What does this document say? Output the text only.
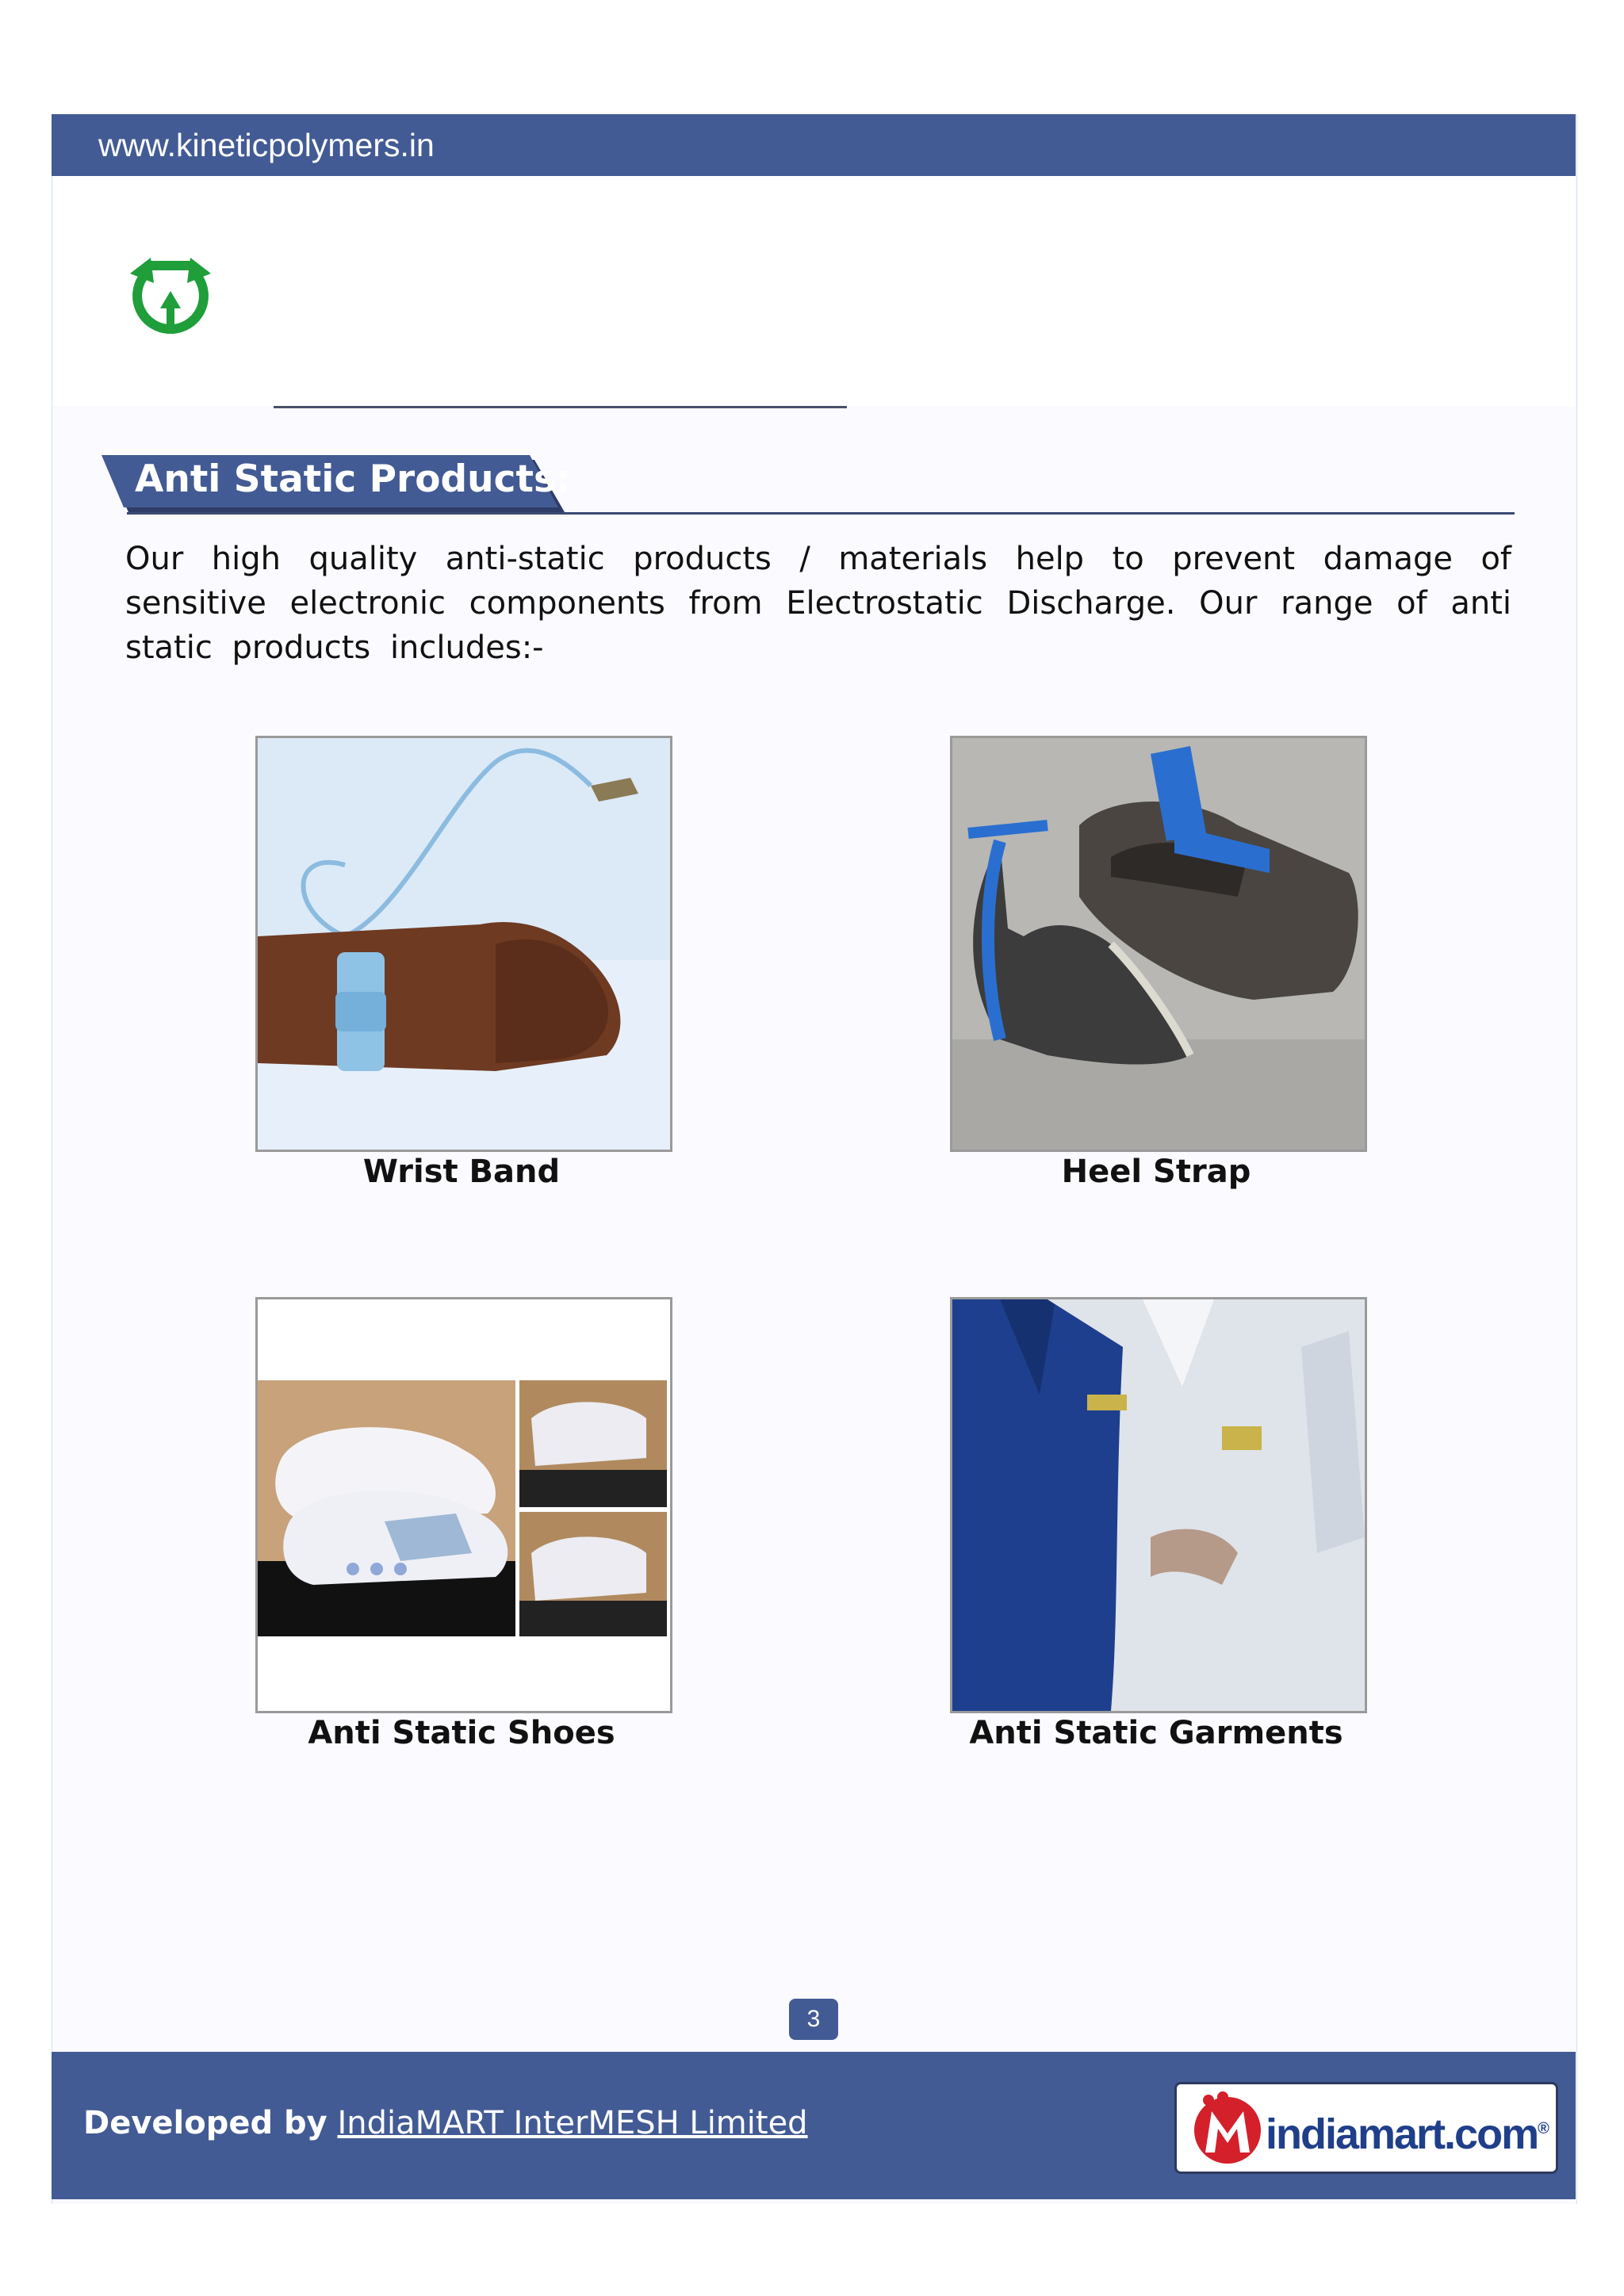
www.kineticpolymers.in
Anti Static Products:
Our high quality anti-static products / materials help to prevent damage of sensitive electronic components from Electrostatic Discharge. Our range of anti static products includes:-
Wrist Band	Heel Strap
Anti Static Shoes	Anti Static Garments
3
Developed by IndiaMART InterMESH Limited	indiamart.com®
